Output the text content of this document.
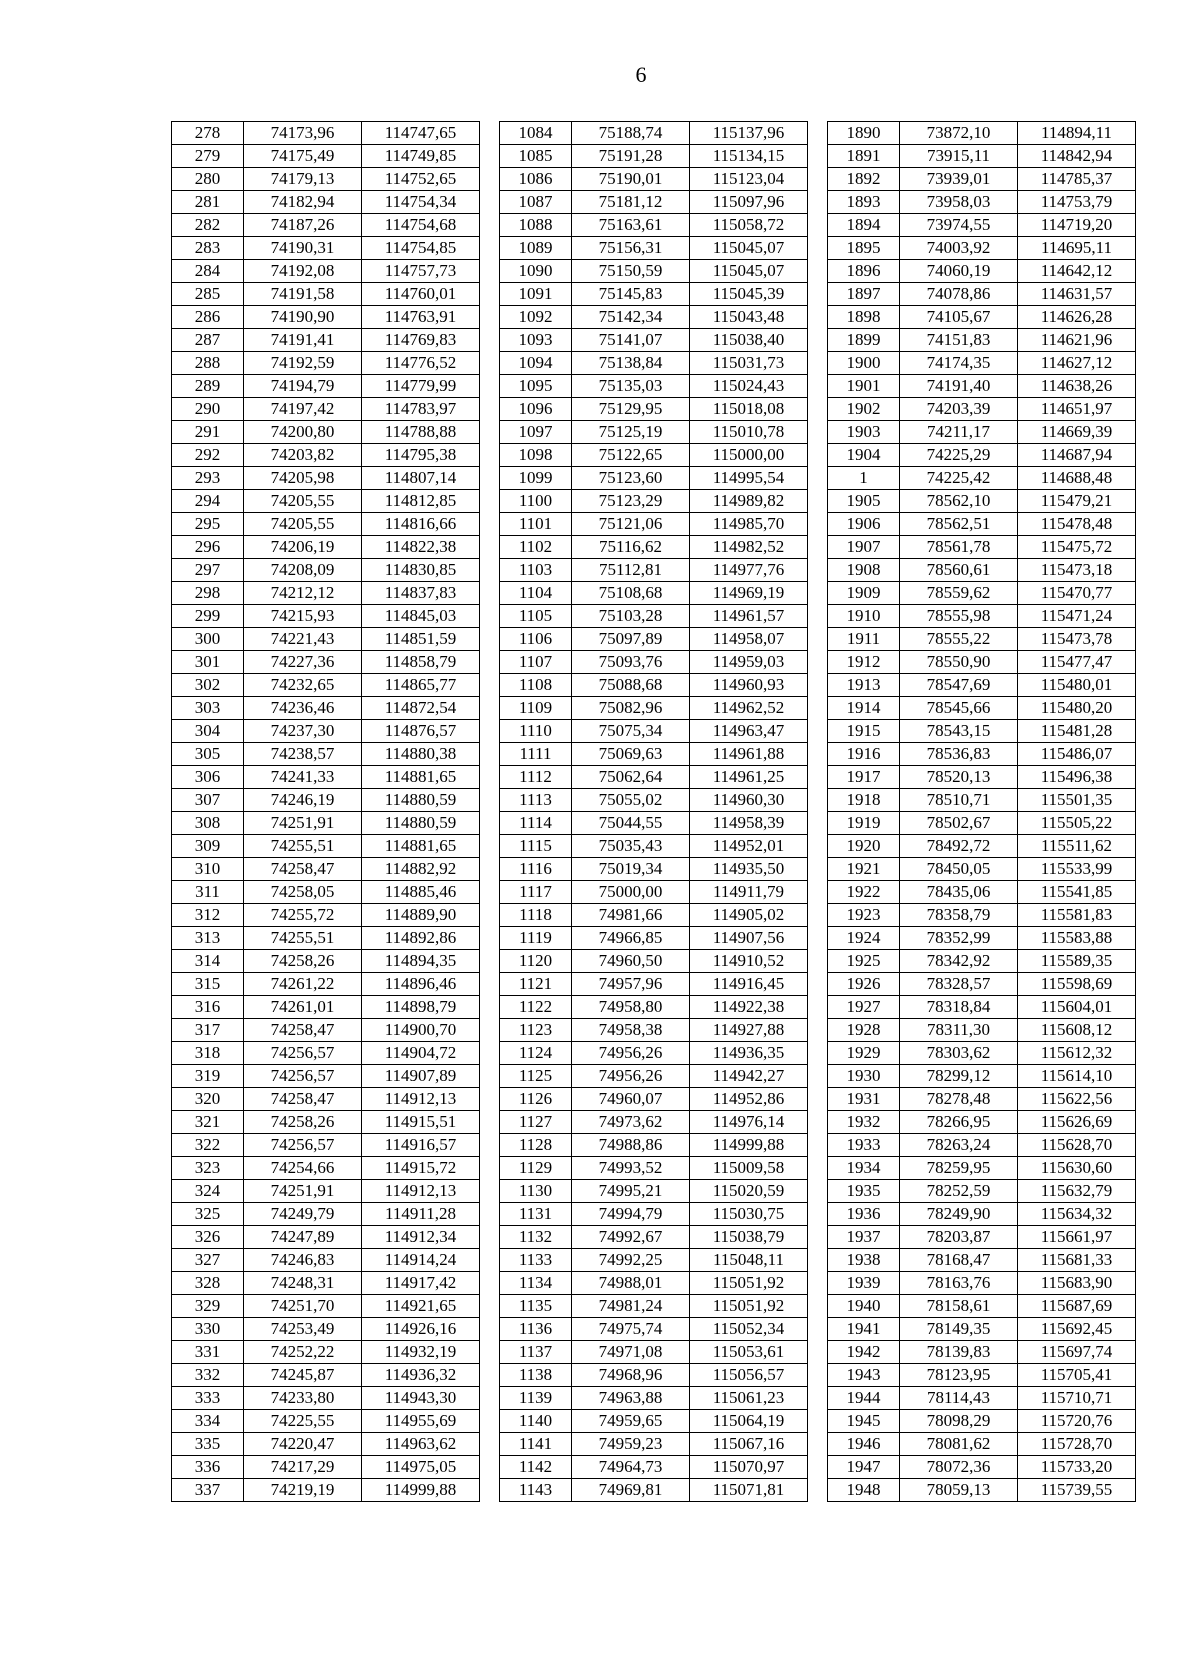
6
278	74173,96	114747,65		1084	75188,74	115137,96		1890	73872,10	114894,11
279	74175,49	114749,85		1085	75191,28	115134,15		1891	73915,11	114842,94
280	74179,13	114752,65		1086	75190,01	115123,04		1892	73939,01	114785,37
281	74182,94	114754,34		1087	75181,12	115097,96		1893	73958,03	114753,79
282	74187,26	114754,68		1088	75163,61	115058,72		1894	73974,55	114719,20
283	74190,31	114754,85		1089	75156,31	115045,07		1895	74003,92	114695,11
284	74192,08	114757,73		1090	75150,59	115045,07		1896	74060,19	114642,12
285	74191,58	114760,01		1091	75145,83	115045,39		1897	74078,86	114631,57
286	74190,90	114763,91		1092	75142,34	115043,48		1898	74105,67	114626,28
287	74191,41	114769,83		1093	75141,07	115038,40		1899	74151,83	114621,96
288	74192,59	114776,52		1094	75138,84	115031,73		1900	74174,35	114627,12
289	74194,79	114779,99		1095	75135,03	115024,43		1901	74191,40	114638,26
290	74197,42	114783,97		1096	75129,95	115018,08		1902	74203,39	114651,97
291	74200,80	114788,88		1097	75125,19	115010,78		1903	74211,17	114669,39
292	74203,82	114795,38		1098	75122,65	115000,00		1904	74225,29	114687,94
293	74205,98	114807,14		1099	75123,60	114995,54		1	74225,42	114688,48
294	74205,55	114812,85		1100	75123,29	114989,82		1905	78562,10	115479,21
295	74205,55	114816,66		1101	75121,06	114985,70		1906	78562,51	115478,48
296	74206,19	114822,38		1102	75116,62	114982,52		1907	78561,78	115475,72
297	74208,09	114830,85		1103	75112,81	114977,76		1908	78560,61	115473,18
298	74212,12	114837,83		1104	75108,68	114969,19		1909	78559,62	115470,77
299	74215,93	114845,03		1105	75103,28	114961,57		1910	78555,98	115471,24
300	74221,43	114851,59		1106	75097,89	114958,07		1911	78555,22	115473,78
301	74227,36	114858,79		1107	75093,76	114959,03		1912	78550,90	115477,47
302	74232,65	114865,77		1108	75088,68	114960,93		1913	78547,69	115480,01
303	74236,46	114872,54		1109	75082,96	114962,52		1914	78545,66	115480,20
304	74237,30	114876,57		1110	75075,34	114963,47		1915	78543,15	115481,28
305	74238,57	114880,38		1111	75069,63	114961,88		1916	78536,83	115486,07
306	74241,33	114881,65		1112	75062,64	114961,25		1917	78520,13	115496,38
307	74246,19	114880,59		1113	75055,02	114960,30		1918	78510,71	115501,35
308	74251,91	114880,59		1114	75044,55	114958,39		1919	78502,67	115505,22
309	74255,51	114881,65		1115	75035,43	114952,01		1920	78492,72	115511,62
310	74258,47	114882,92		1116	75019,34	114935,50		1921	78450,05	115533,99
311	74258,05	114885,46		1117	75000,00	114911,79		1922	78435,06	115541,85
312	74255,72	114889,90		1118	74981,66	114905,02		1923	78358,79	115581,83
313	74255,51	114892,86		1119	74966,85	114907,56		1924	78352,99	115583,88
314	74258,26	114894,35		1120	74960,50	114910,52		1925	78342,92	115589,35
315	74261,22	114896,46		1121	74957,96	114916,45		1926	78328,57	115598,69
316	74261,01	114898,79		1122	74958,80	114922,38		1927	78318,84	115604,01
317	74258,47	114900,70		1123	74958,38	114927,88		1928	78311,30	115608,12
318	74256,57	114904,72		1124	74956,26	114936,35		1929	78303,62	115612,32
319	74256,57	114907,89		1125	74956,26	114942,27		1930	78299,12	115614,10
320	74258,47	114912,13		1126	74960,07	114952,86		1931	78278,48	115622,56
321	74258,26	114915,51		1127	74973,62	114976,14		1932	78266,95	115626,69
322	74256,57	114916,57		1128	74988,86	114999,88		1933	78263,24	115628,70
323	74254,66	114915,72		1129	74993,52	115009,58		1934	78259,95	115630,60
324	74251,91	114912,13		1130	74995,21	115020,59		1935	78252,59	115632,79
325	74249,79	114911,28		1131	74994,79	115030,75		1936	78249,90	115634,32
326	74247,89	114912,34		1132	74992,67	115038,79		1937	78203,87	115661,97
327	74246,83	114914,24		1133	74992,25	115048,11		1938	78168,47	115681,33
328	74248,31	114917,42		1134	74988,01	115051,92		1939	78163,76	115683,90
329	74251,70	114921,65		1135	74981,24	115051,92		1940	78158,61	115687,69
330	74253,49	114926,16		1136	74975,74	115052,34		1941	78149,35	115692,45
331	74252,22	114932,19		1137	74971,08	115053,61		1942	78139,83	115697,74
332	74245,87	114936,32		1138	74968,96	115056,57		1943	78123,95	115705,41
333	74233,80	114943,30		1139	74963,88	115061,23		1944	78114,43	115710,71
334	74225,55	114955,69		1140	74959,65	115064,19		1945	78098,29	115720,76
335	74220,47	114963,62		1141	74959,23	115067,16		1946	78081,62	115728,70
336	74217,29	114975,05		1142	74964,73	115070,97		1947	78072,36	115733,20
337	74219,19	114999,88		1143	74969,81	115071,81		1948	78059,13	115739,55
